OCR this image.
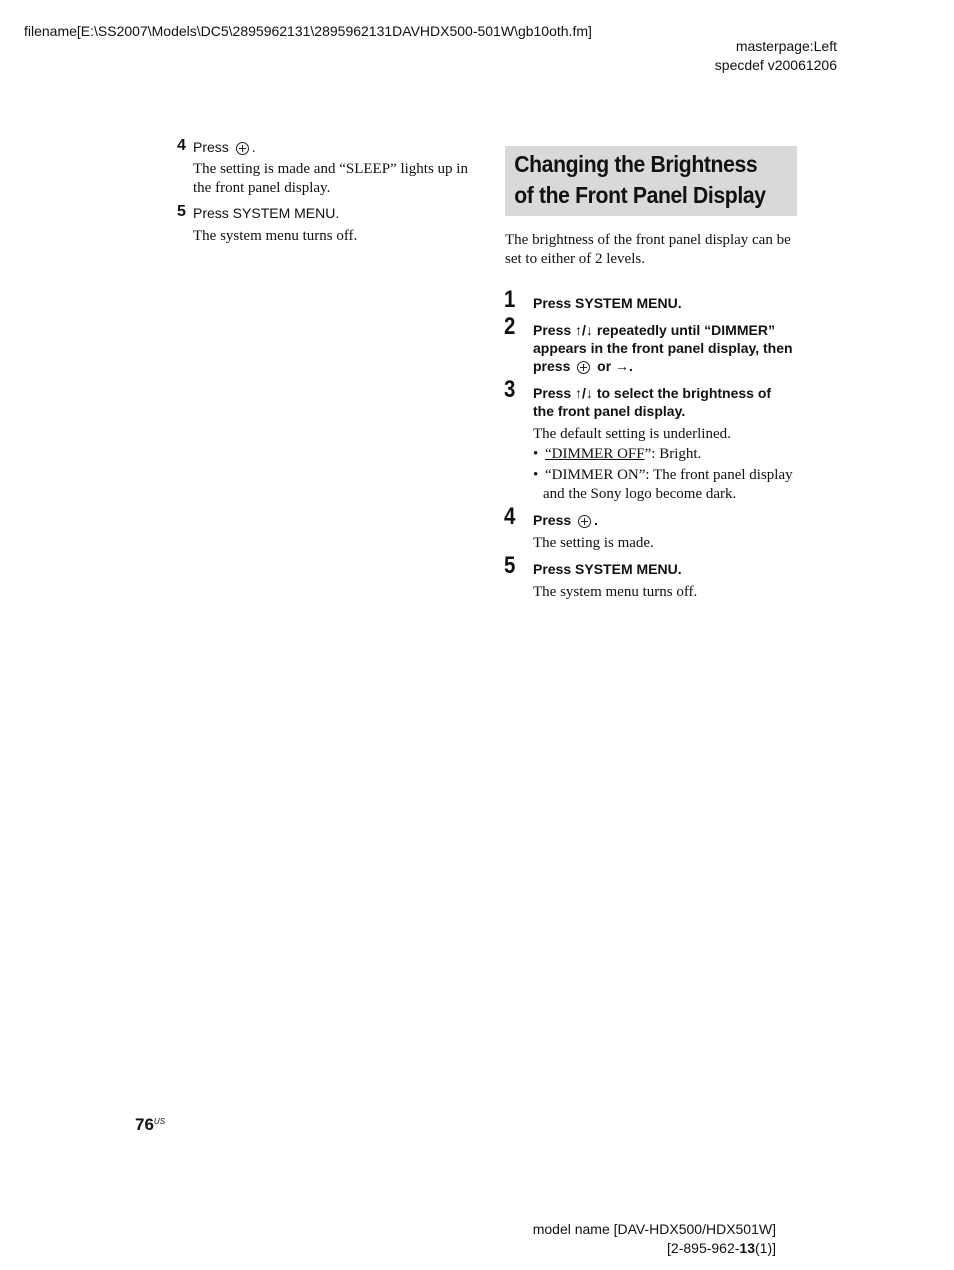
filename[E:\SS2007\Models\DC5\2895962131\2895962131DAVHDX500-501W\gb10oth.fm]
masterpage:Left
specdef v20061206
4 Press .
The setting is made and “SLEEP” lights up in
the front panel display.
5 Press SYSTEM MENU.
The system menu turns off.
Changing the Brightness
of the Front Panel Display
The brightness of the front panel display can be
set to either of 2 levels.
1 Press SYSTEM MENU.
2 Press ↑/↓ repeatedly until “DIMMER”
appears in the front panel display, then
press or →.
3 Press ↑/↓ to select the brightness of
the front panel display.
The default setting is underlined.
• “DIMMER OFF”: Bright.
• “DIMMER ON”: The front panel display
and the Sony logo become dark.
4 Press .
The setting is made.
5 Press SYSTEM MENU.
The system menu turns off.
$76^{US}$
model name [DAV-HDX500/HDX501W]
[2-895-962-13(1)]
